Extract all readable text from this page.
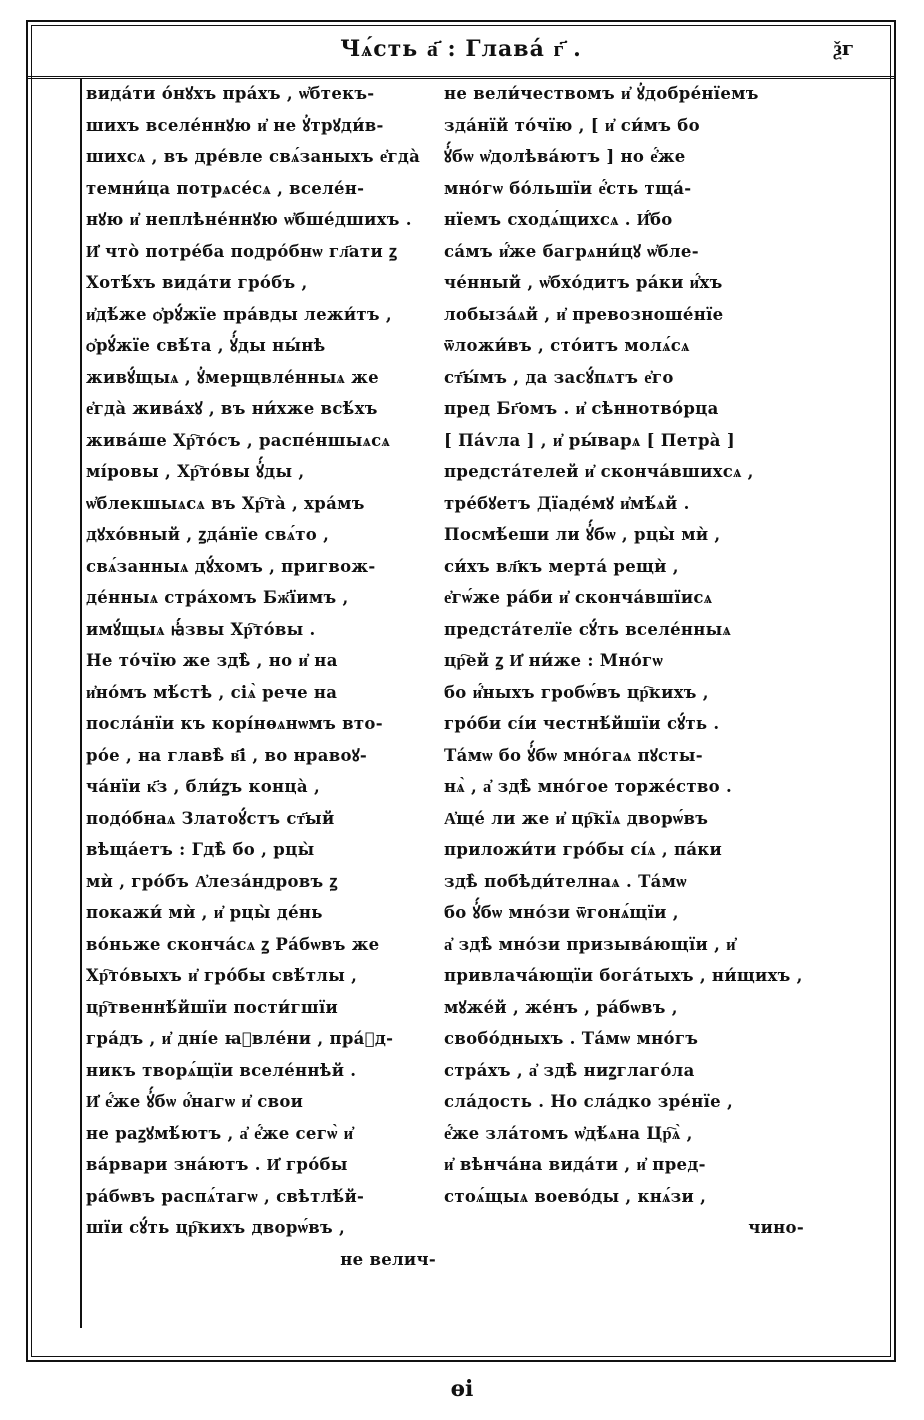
Чѧ́сть а҃ : Глава́ г҃ .	ѯг
вида́ти о́нꙋхъ пра́хъ , ѡ҆бтекъ-
шихъ вселе́ннꙋю и҆ не ꙋ҆трꙋди́в-
шихсѧ , въ дре́вле свѧ́заныхъ е҆гда̀
темни́ца потрѧсе́сѧ , вселе́н-
нꙋю и҆ неплѣне́ннꙋю ѡ҆бше́дшихъ .
И҆ что̀ потре́ба подро́бнѡ гл҃ати ꙁ
Хотѣ́хъ вида́ти гро́бъ ,
и҆дѣ́же ѻ҆рꙋ́жїе пра́вды лежи́тъ ,
ѻ҆рꙋ́жїе свѣ́та , ꙋ҆́ды ны́нѣ
живꙋ́щыѧ , ꙋ҆мерщвле́нныѧ же
е҆гда̀ жива́хꙋ , въ ни́хже всѣ́хъ
жива́ше Хр҇то́съ , распе́ншыѧсѧ
мі́ровы , Хр҇то́вы ꙋ҆́ды ,
ѡ҆блекшыѧсѧ въ Хр҇та̀ , хра́мъ
дꙋхо́вный , ꙁда́нїе свѧ́то ,
свѧ́занныѧ дꙋ́хомъ , пригвож-
де́нныѧ стра́хомъ Бж҃їимъ ,
имꙋ́щыѧ ꙗ҆́звы Хр҇то́вы .
Не то́чїю же здѣ̀ , но и҆ на
и҆но́мъ мѣ́стѣ , сіѧ̀ рече на
посла́нїи къ корі́нѳѧнѡмъ вто-
ро́е , на главѣ̀ в҃і , во нравоꙋ-
ча́нїи к҃з , бли́ꙁъ конца̀ ,
подо́бнаѧ Златоꙋ́стъ ст҃ый
вѣща́етъ : Гдѣ̀ бо , рцы̀
мѝ , гро́бъ А҆леза́ндровъ ꙁ
покажи́ мѝ , и҆ рцы̀ де́нь
во́ньже сконча́сѧ ꙁ Ра́бѡвъ же
Хр҇то́выхъ и҆ гро́бы свѣ́тлы ,
цр҇твеннѣ́йшїи пости́гшїи
гра́дъ , и҆ дні́е ꙗ҆вле́ни , пра́ꙁд-
никъ творѧ́щїи вселе́ннѣй .
И҆ е҆́же ꙋ҆́бѡ о҆́нагѡ и҆ свои
не раꙁꙋмѣ́ютъ , а҆ е҆́же сегѡ̀ и҆
ва́рвари зна́ютъ . И҆ гро́бы
ра́бѡвъ распѧ́тагѡ , свѣтлѣ́й-
шїи сꙋ́ть цр҇кихъ дворѡ́въ ,
не велич-
не вели́чествомъ и҆ ꙋ҆добре́нїемъ
зда́нїй то́чїю , [ и҆ си́мъ бо
ꙋ҆́бѡ ѡ҆долѣва́ютъ ] но е҆́же
мно́гѡ бо́льшїи е҆́сть тща́-
нїемъ сходѧ́щихсѧ . И҆́бо
са́мъ и҆́же багрѧни́цꙋ ѡ҆бле-
че́нный , ѡ҆бхо́дитъ ра́ки и҆́хъ
лобыза́ѧй , и҆ превозноше́нїе
ѿложи́въ , сто́итъ молѧ́сѧ
ст҃ы́мъ , да засꙋ́пѧтъ е҆го
пред Бг҃омъ . и҆ сѣннотво́рца
[ Па́ѵла ] , и҆ ры́варѧ [ Петра̀ ]
предста́телей и҆ сконча́вшихсѧ ,
тре́бꙋетъ Дїаде́мꙋ и҆мѣ́ѧй .
Посмѣ́еши ли ꙋ҆́бѡ , рцы̀ мѝ ,
си́хъ вл҃къ мерта́ рещѝ ,
е҆гѡ́же ра́би и҆ сконча́вшїисѧ
предста́телїе сꙋ́ть вселе́нныѧ
цр҇ей ꙁ И҆ ни́же : Мно́гѡ
бо и҆́ныхъ гробѡ́въ цр҇кихъ ,
гро́би сі́и честнѣ́йшїи сꙋ́ть .
Та́мѡ бо ꙋ҆́бѡ мно́гаѧ пꙋсты-
нѧ̀ , а҆ здѣ̀ мно́гое торже́ство .
А҆ще́ ли же и҆ цр҇кїѧ дворѡ́въ
приложи́ти гро́бы сі́ѧ , па́ки
здѣ̀ побѣди́телнаѧ . Та́мѡ
бо ꙋ҆́бѡ мно́зи ѿгонѧ́щїи ,
а҆ здѣ̀ мно́зи призыва́ющїи , и҆
привлача́ющїи бога́тыхъ , ни́щихъ ,
мꙋже́й , же́нъ , ра́бѡвъ ,
свобо́дныхъ . Та́мѡ мно́гъ
стра́хъ , а҆ здѣ̀ ниꙁглаго́ла
сла́дость . Но сла́дко зре́нїе ,
е҆́же зла́томъ ѡ҆дѣ́ѧна Цр҇ѧ̀ ,
и҆ вѣнча́на вида́ти , и҆ пред-
стоѧ́щыѧ воево́ды , кнѧ́зи ,
чино-
ѳі
